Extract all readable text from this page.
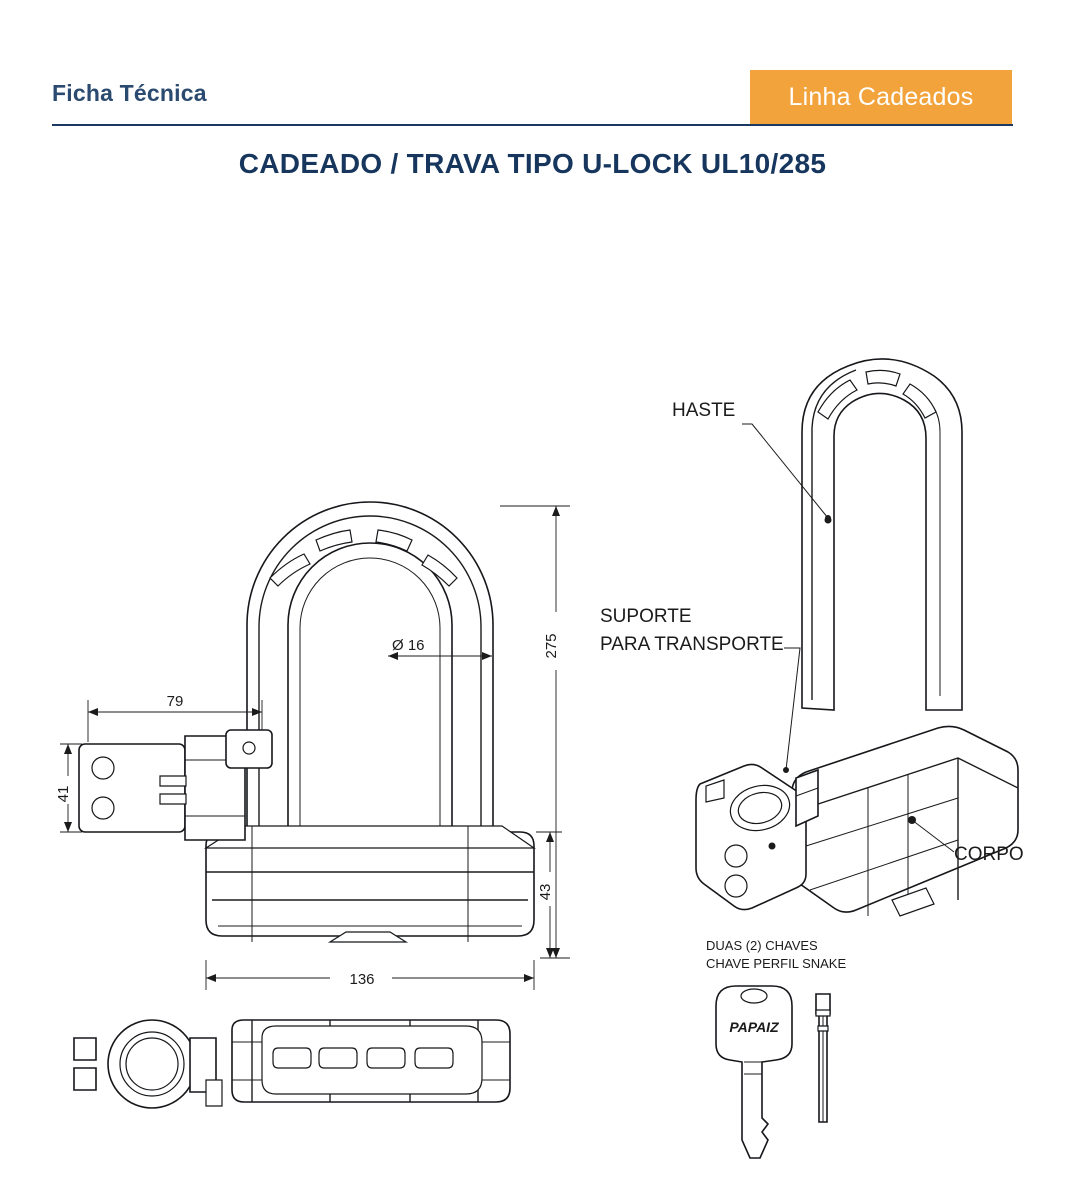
Ficha Técnica	Linha Cadeados
CADEADO / TRAVA TIPO U-LOCK UL10/285
275
Ø 16
79
41
43
136
HASTE
SUPORTE
PARA TRANSPORTE
CORPO
DUAS (2) CHAVES
CHAVE PERFIL SNAKE
PAPAIZ
